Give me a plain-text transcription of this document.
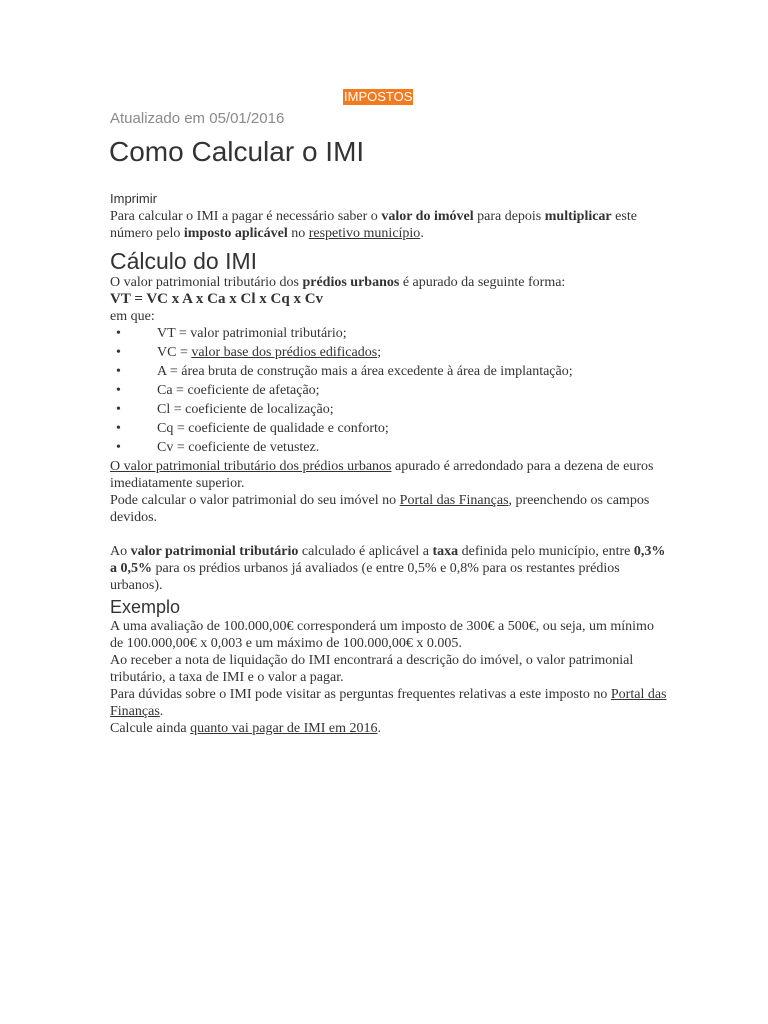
IMPOSTOS
Atualizado em 05/01/2016
Como Calcular o IMI
Imprimir

Para calcular o IMI a pagar é necessário saber o valor do imóvel para depois multiplicar este número pelo imposto aplicável no respetivo município.

Cálculo do IMI

O valor patrimonial tributário dos prédios urbanos é apurado da seguinte forma:

VT = VC x A x Ca x Cl x Cq x Cv

em que:

•	VT = valor patrimonial tributário;
•	VC = valor base dos prédios edificados;
•	A = área bruta de construção mais a área excedente à área de implantação;
•	Ca = coeficiente de afetação;
•	Cl = coeficiente de localização;
•	Cq = coeficiente de qualidade e conforto;
•	Cv = coeficiente de vetustez.

O valor patrimonial tributário dos prédios urbanos apurado é arredondado para a dezena de euros imediatamente superior.

Pode calcular o valor patrimonial do seu imóvel no Portal das Finanças, preenchendo os campos devidos.

Ao valor patrimonial tributário calculado é aplicável a taxa definida pelo município, entre 0,3% a 0,5% para os prédios urbanos já avaliados (e entre 0,5% e 0,8% para os restantes prédios urbanos).

Exemplo

A uma avaliação de 100.000,00€ corresponderá um imposto de 300€ a 500€, ou seja, um mínimo de 100.000,00€ x 0,003 e um máximo de 100.000,00€ x 0.005.

Ao receber a nota de liquidação do IMI encontrará a descrição do imóvel, o valor patrimonial tributário, a taxa de IMI e o valor a pagar.

Para dúvidas sobre o IMI pode visitar as perguntas frequentes relativas a este imposto no Portal das Finanças.

Calcule ainda quanto vai pagar de IMI em 2016.
